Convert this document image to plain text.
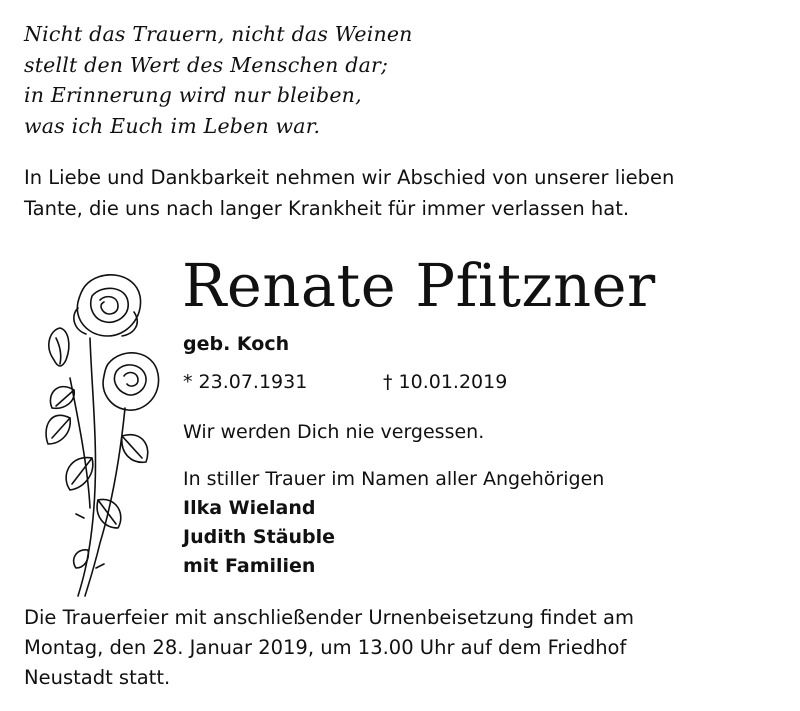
Nicht das Trauern, nicht das Weinen
stellt den Wert des Menschen dar;
in Erinnerung wird nur bleiben,
was ich Euch im Leben war.
In Liebe und Dankbarkeit nehmen wir Abschied von unserer lieben
Tante, die uns nach langer Krankheit für immer verlassen hat.
Renate Pfitzner
geb. Koch
* 23.07.1931	† 10.01.2019
Wir werden Dich nie vergessen.
In stiller Trauer im Namen aller Angehörigen
Ilka Wieland
Judith Stäuble
mit Familien
Die Trauerfeier mit anschließender Urnenbeisetzung findet am
Montag, den 28. Januar 2019, um 13.00 Uhr auf dem Friedhof
Neustadt statt.
